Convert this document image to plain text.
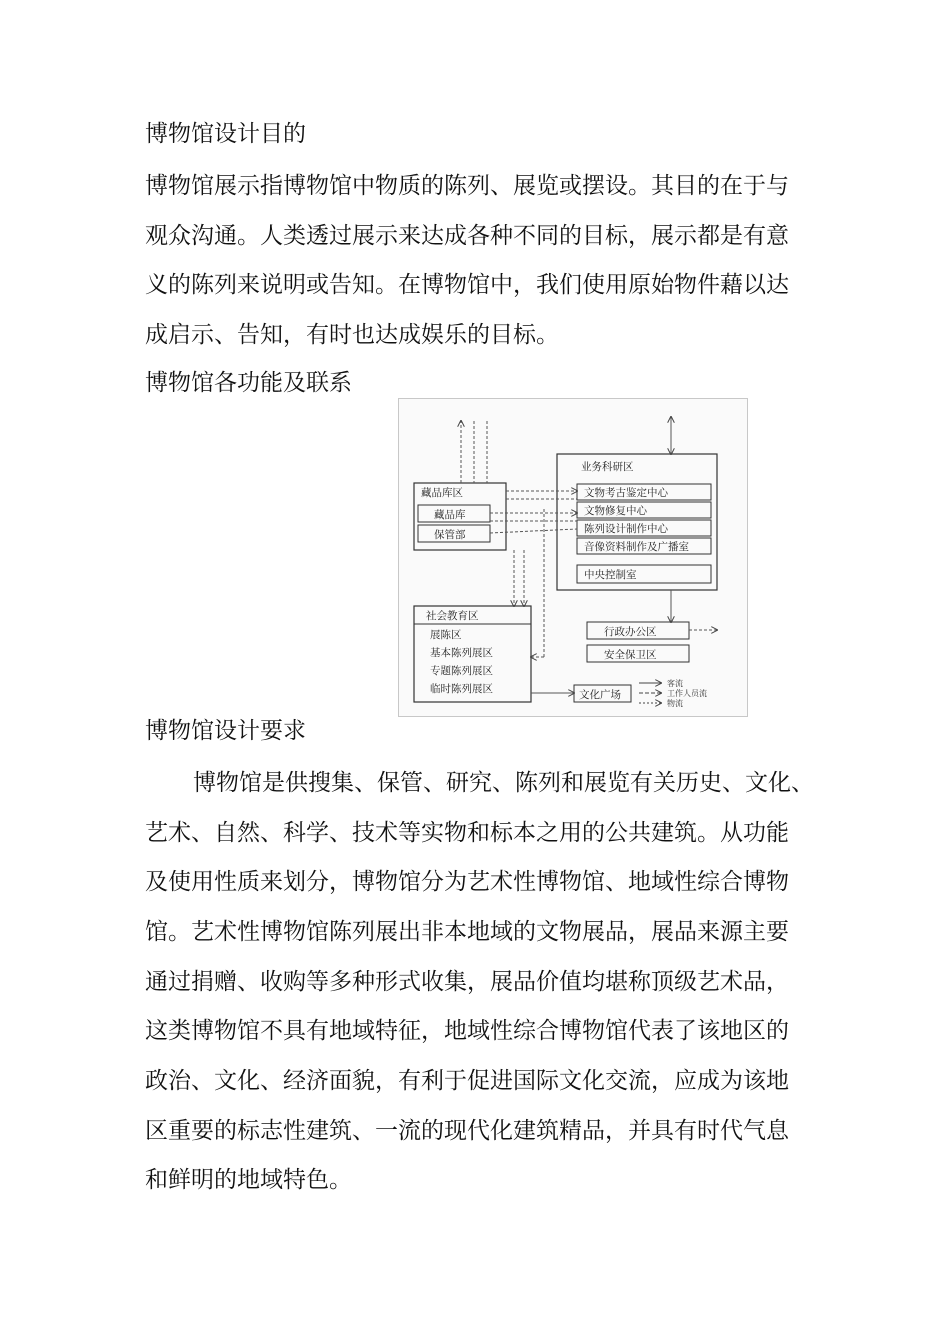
博物馆设计目的
博物馆展示指博物馆中物质的陈列、展览或摆设。其目的在于与
观众沟通。人类透过展示来达成各种不同的目标，展示都是有意
义的陈列来说明或告知。在博物馆中，我们使用原始物件藉以达
成启示、告知，有时也达成娱乐的目标。
博物馆各功能及联系
业务科研区
文物考古鉴定中心
文物修复中心
陈列设计制作中心
音像资料制作及广播室
中央控制室
藏品库区
藏品库
保管部
社会教育区
展陈区
基本陈列展区
专题陈列展区
临时陈列展区
行政办公区
安全保卫区
文化广场
客流
工作人员流
物流
博物馆设计要求
博物馆是供搜集、保管、研究、陈列和展览有关历史、文化、
艺术、自然、科学、技术等实物和标本之用的公共建筑。从功能
及使用性质来划分，博物馆分为艺术性博物馆、地域性综合博物
馆。艺术性博物馆陈列展出非本地域的文物展品，展品来源主要
通过捐赠、收购等多种形式收集，展品价值均堪称顶级艺术品，
这类博物馆不具有地域特征，地域性综合博物馆代表了该地区的
政治、文化、经济面貌，有利于促进国际文化交流，应成为该地
区重要的标志性建筑、一流的现代化建筑精品，并具有时代气息
和鲜明的地域特色。
